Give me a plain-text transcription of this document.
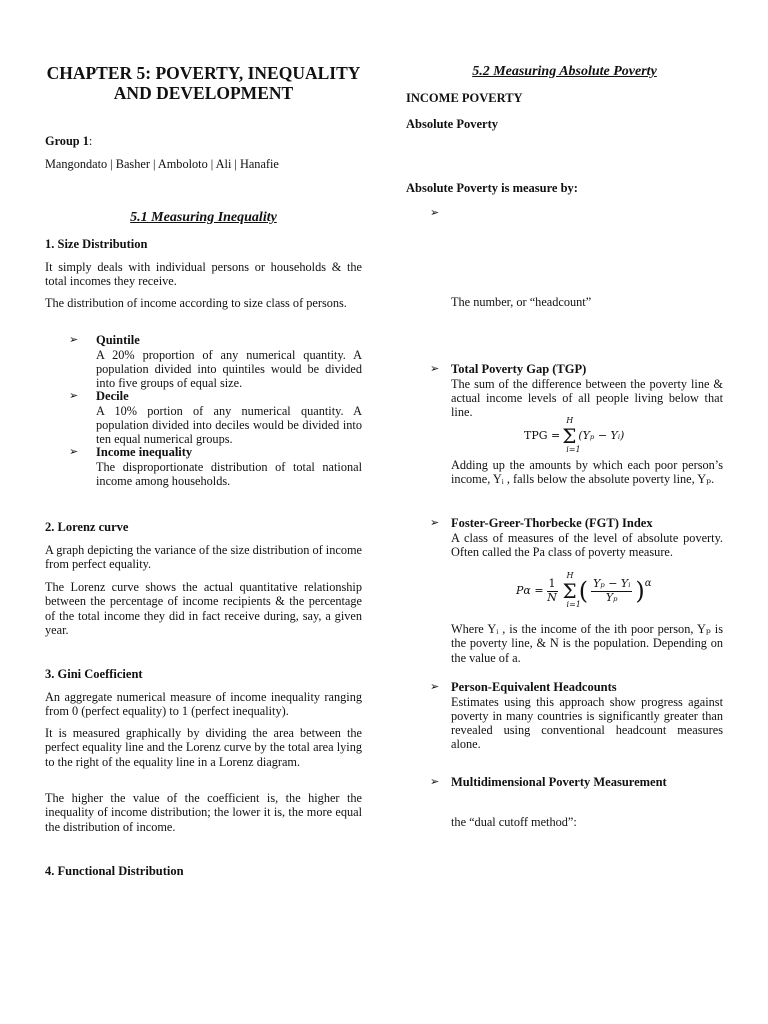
CHAPTER 5: POVERTY, INEQUALITY AND DEVELOPMENT
Group 1:

Mangondato | Basher | Amboloto | Ali | Hanafie

5.1 Measuring Inequality
1. Size Distribution

It simply deals with individual persons or households & the total incomes they receive.

The distribution of income according to size class of persons.

➢	Quintile

A 20% proportion of any numerical quantity. A population divided into quintiles would be divided into five groups of equal size.

➢	Decile

A 10% portion of any numerical quantity. A population divided into deciles would be divided into ten equal numerical groups.

➢	Income inequality

The disproportionate distribution of total national income among households.

2. Lorenz curve

A graph depicting the variance of the size distribution of income from perfect equality.

The Lorenz curve shows the actual quantitative relationship between the percentage of income recipients & the percentage of the total income they did in fact receive during, say, a given year.

3. Gini Coefficient

An aggregate numerical measure of income inequality ranging from 0 (perfect equality) to 1 (perfect inequality).

It is measured graphically by dividing the area between the perfect equality line and the Lorenz curve by the total area lying to the right of the equality line in a Lorenz diagram.

The higher the value of the coefficient is, the higher the inequality of income distribution; the lower it is, the more equal the distribution of income.

4. Functional Distribution
5.2 Measuring Absolute Poverty
INCOME POVERTY
Absolute Poverty
Absolute Poverty is measure by:
➢

The number, or “headcount”

➢ Total Poverty Gap (TGP)

The sum of the difference between the poverty line & actual income levels of all people living below that line.

TPG = Σ
H
i=1
(Yₚ − Yᵢ)

Adding up the amounts by which each poor person’s income, Yᵢ , falls below the absolute poverty line, Yₚ.

➢ Foster-Greer-Thorbecke (FGT) Index

A class of measures of the level of absolute poverty. Often called the Pa class of poverty measure.

$P\alpha = \frac{1}{N}$ Σ
H
i=1
( $\frac{\text{Yₚ − Yᵢ}}{\text{Yₚ}}$ ) α

Where Yᵢ , is the income of the ith poor person, Yₚ is the poverty line, & N is the population. Depending on the value of a.

➢ Person-Equivalent Headcounts

Estimates using this approach show progress against poverty in many countries is significantly greater than revealed using conventional headcount measures alone.

➢ Multidimensional Poverty Measurement

the “dual cutoff method”:
